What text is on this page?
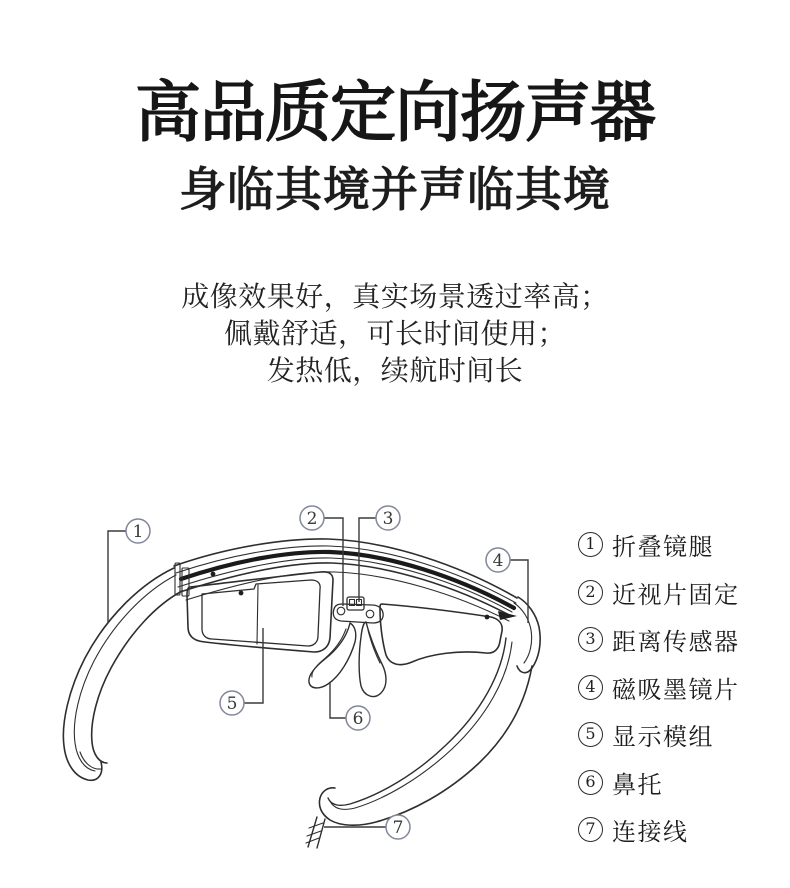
高品质定向扬声器
身临其境并声临其境
成像效果好，真实场景透过率高；
佩戴舒适，可长时间使用；
发热低，续航时间长
1
2	3
4
5
6
7
1 折叠镜腿
2 近视片固定
3 距离传感器
4 磁吸墨镜片
5 显示模组
6 鼻托
7 连接线
